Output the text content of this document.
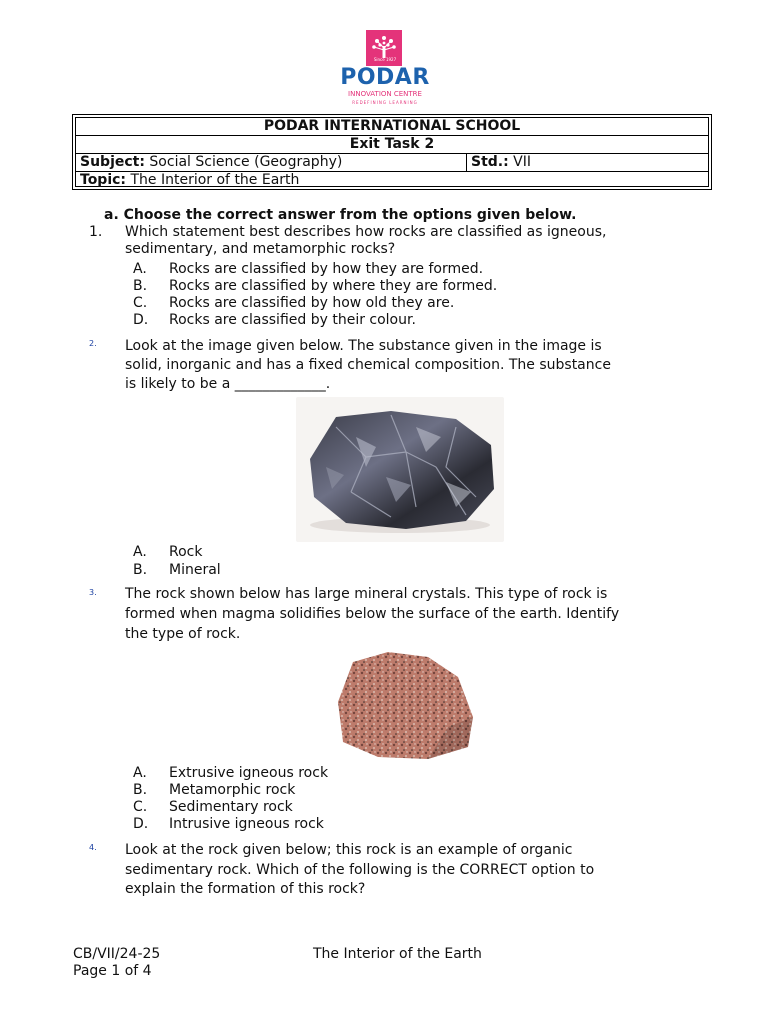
Since 1927
PODAR
INNOVATION CENTRE
REDEFINING LEARNING
PODAR INTERNATIONAL SCHOOL
Exit Task 2
Subject: Social Science (Geography)	Std.: VII
Topic: The Interior of the Earth
a. Choose the correct answer from the options given below.
1. Which statement best describes how rocks are classified as igneous,
sedimentary, and metamorphic rocks?
A. Rocks are classified by how they are formed.
B. Rocks are classified by where they are formed.
C. Rocks are classified by how old they are.
D. Rocks are classified by their colour.
2. Look at the image given below. The substance given in the image is
solid, inorganic and has a fixed chemical composition. The substance
is likely to be a _____________.
A. Rock
B. Mineral
3. The rock shown below has large mineral crystals. This type of rock is
formed when magma solidifies below the surface of the earth. Identify
the type of rock.
A. Extrusive igneous rock
B. Metamorphic rock
C. Sedimentary rock
D. Intrusive igneous rock
4. Look at the rock given below; this rock is an example of organic
sedimentary rock. Which of the following is the CORRECT option to
explain the formation of this rock?
CB/VII/24-25	The Interior of the Earth
Page 1 of 4
